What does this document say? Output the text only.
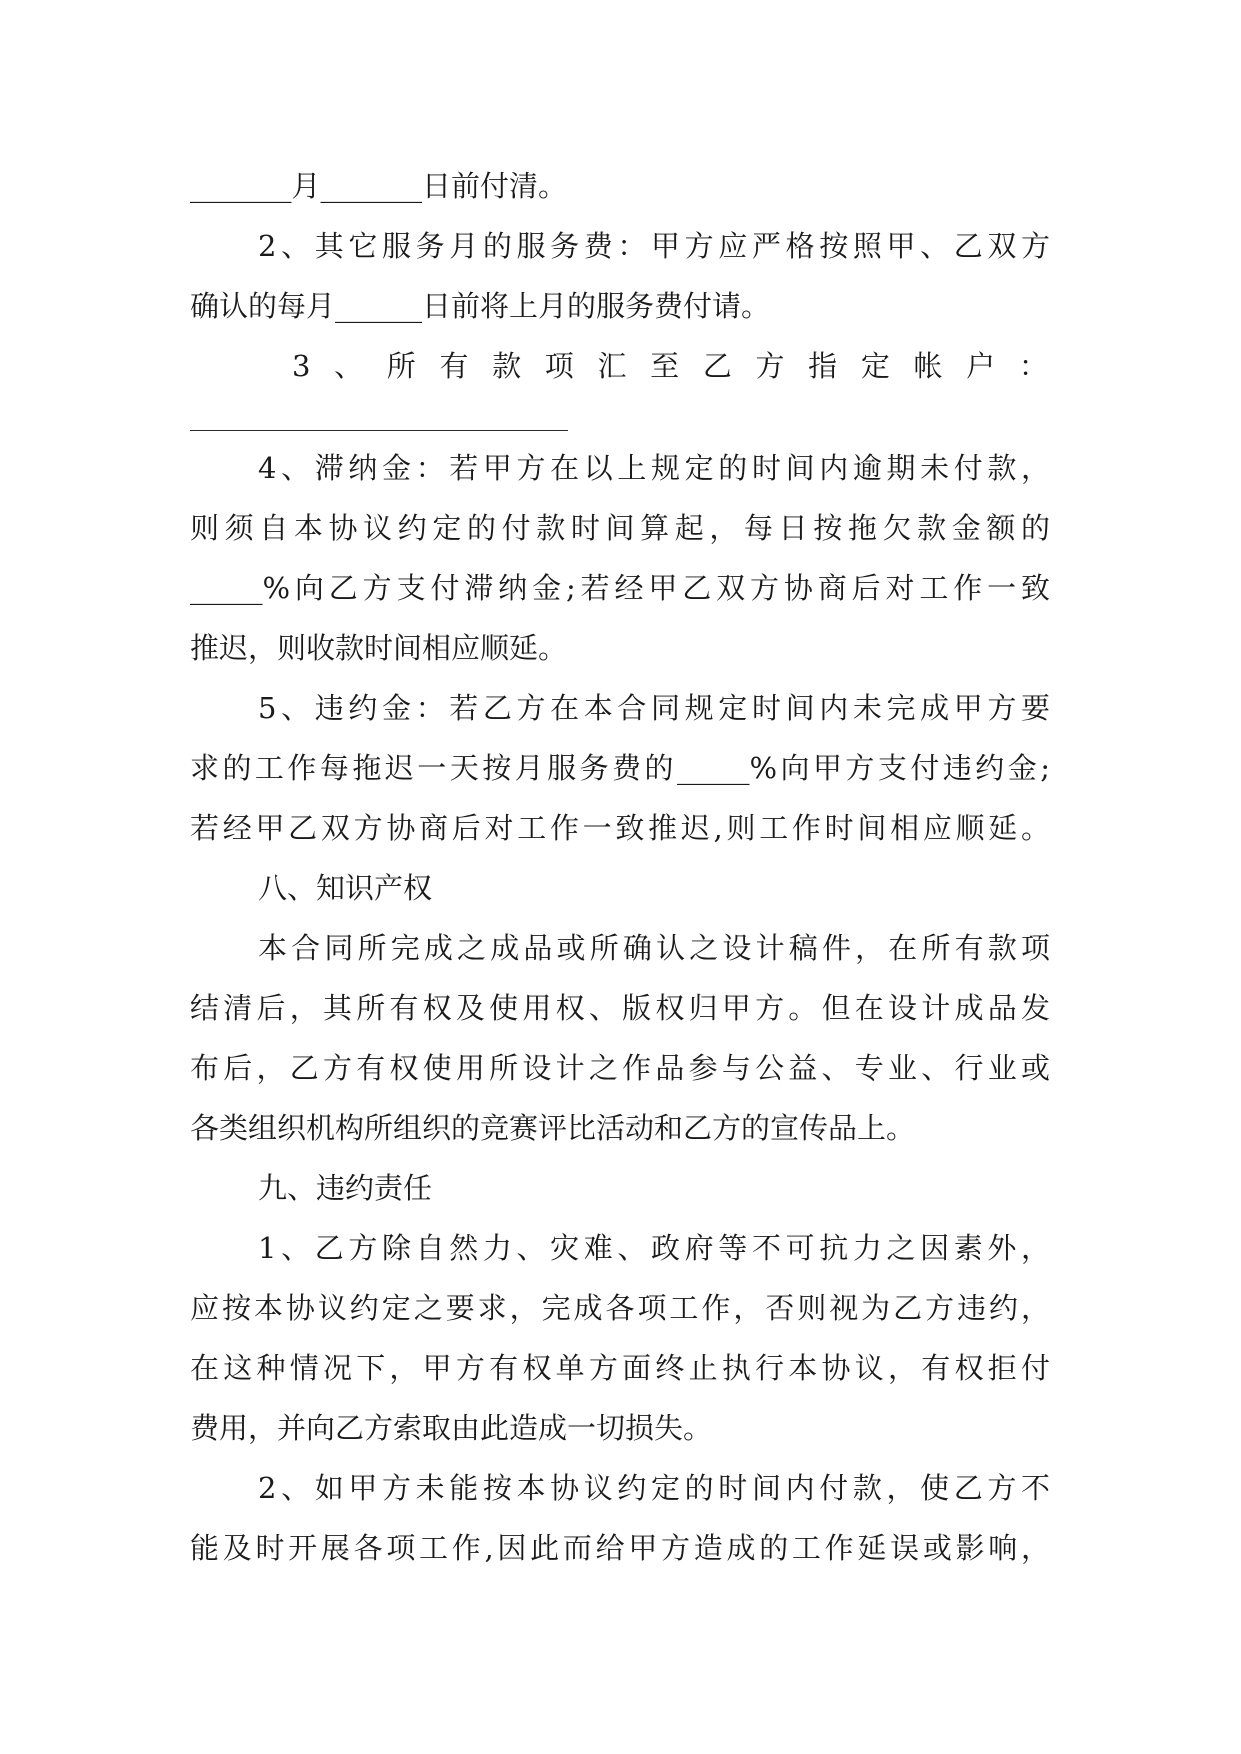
_______月_______日前付清。
2、其它服务月的服务费：甲方应严格按照甲、乙双方
确认的每月______日前将上月的服务费付请。
3 、 所 有 款 项 汇 至 乙 方 指 定 帐 户 ：
4、滞纳金：若甲方在以上规定的时间内逾期未付款，
则须自本协议约定的付款时间算起，每日按拖欠款金额的
_____%向乙方支付滞纳金;若经甲乙双方协商后对工作一致
推迟，则收款时间相应顺延。
5、违约金：若乙方在本合同规定时间内未完成甲方要
求的工作每拖迟一天按月服务费的_____%向甲方支付违约金;
若经甲乙双方协商后对工作一致推迟,则工作时间相应顺延。
八、知识产权
本合同所完成之成品或所确认之设计稿件，在所有款项
结清后，其所有权及使用权、版权归甲方。但在设计成品发
布后，乙方有权使用所设计之作品参与公益、专业、行业或
各类组织机构所组织的竞赛评比活动和乙方的宣传品上。
九、违约责任
1、乙方除自然力、灾难、政府等不可抗力之因素外，
应按本协议约定之要求，完成各项工作，否则视为乙方违约，
在这种情况下，甲方有权单方面终止执行本协议，有权拒付
费用，并向乙方索取由此造成一切损失。
2、如甲方未能按本协议约定的时间内付款，使乙方不
能及时开展各项工作,因此而给甲方造成的工作延误或影响，
